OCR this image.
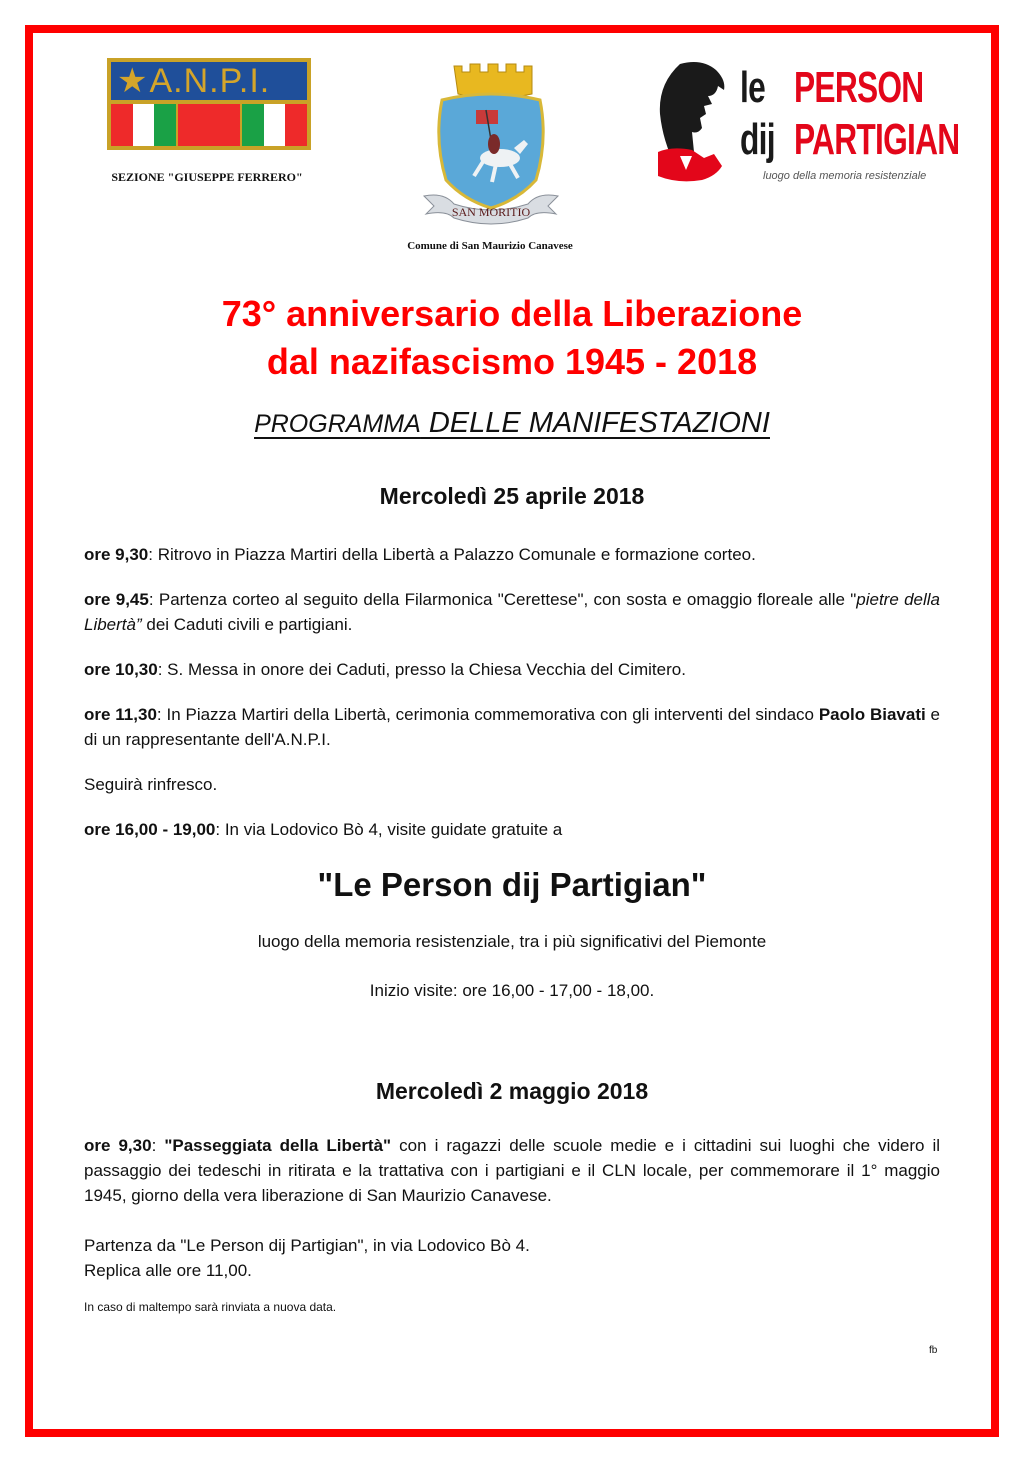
★ A.N.P.I.
SEZIONE "GIUSEPPE FERRERO"
SAN MORITIO
Comune di San Maurizio Canavese
le PERSON
dij PARTIGIAN
luogo della memoria resistenziale
73° anniversario della Liberazione
dal nazifascismo 1945 - 2018
PROGRAMMA DELLE MANIFESTAZIONI
Mercoledì 25 aprile 2018
ore 9,30: Ritrovo in Piazza Martiri della Libertà a Palazzo Comunale e formazione corteo.
ore 9,45: Partenza corteo al seguito della Filarmonica "Cerettese", con sosta e omaggio floreale alle "pietre della Libertà” dei Caduti civili e partigiani.
ore 10,30: S. Messa in onore dei Caduti, presso la Chiesa Vecchia del Cimitero.
ore 11,30: In Piazza Martiri della Libertà, cerimonia commemorativa con gli interventi del sindaco Paolo Biavati e di un rappresentante dell'A.N.P.I.
Seguirà rinfresco.
ore 16,00 - 19,00: In via Lodovico Bò 4, visite guidate gratuite a
"Le Person dij Partigian"
luogo della memoria resistenziale, tra i più significativi del Piemonte
Inizio visite: ore 16,00 - 17,00 - 18,00.
Mercoledì 2 maggio 2018
ore 9,30: "Passeggiata della Libertà" con i ragazzi delle scuole medie e i cittadini sui luoghi che videro il passaggio dei tedeschi in ritirata e la trattativa con i partigiani e il CLN locale, per commemorare il 1° maggio 1945, giorno della vera liberazione di San Maurizio Canavese.
Partenza da "Le Person dij Partigian", in via Lodovico Bò 4.
Replica alle ore 11,00.
In caso di maltempo sarà rinviata a nuova data.
fb
